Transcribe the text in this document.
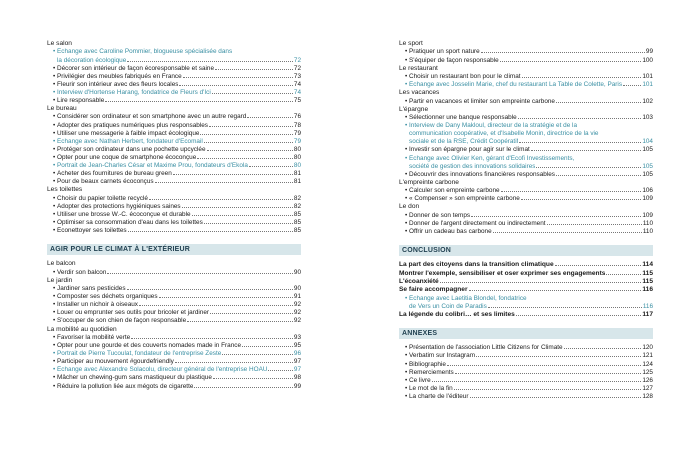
Le salon
• Échange avec Caroline Pommier, blogueuse spécialisée dans
la décoration écologique	72
• Décorer son intérieur de façon écoresponsable et saine	72
• Privilégier des meubles fabriqués en France	73
• Fleurir son intérieur avec des fleurs locales	74
• Interview d'Hortense Harang, fondatrice de Fleurs d'Ici	74
• Lire responsable	75
Le bureau
• Considérer son ordinateur et son smartphone avec un autre regard	76
• Adopter des pratiques numériques plus responsables	78
• Utiliser une messagerie à faible impact écologique	79
• Échange avec Nathan Herbert, fondateur d'Ecomail	79
• Protéger son ordinateur dans une pochette upcyclée	80
• Opter pour une coque de smartphone écoconçue	80
• Portrait de Jean-Charles César et Maxime Prou, fondateurs d'Ekola	80
• Acheter des fournitures de bureau green	81
• Pour de beaux carnets écoconçus	81
Les toilettes
• Choisir du papier toilette recyclé	82
• Adopter des protections hygiéniques saines	82
• Utiliser une brosse W.-C. écoconçue et durable	85
• Optimiser sa consommation d'eau dans les toilettes	85
• Éconettoyer ses toilettes	85
AGIR POUR LE CLIMAT À L'EXTÉRIEUR
Le balcon
• Verdir son balcon	90
Le jardin
• Jardiner sans pesticides	90
• Composter ses déchets organiques	91
• Installer un nichoir à oiseaux	92
• Louer ou emprunter ses outils pour bricoler et jardiner	92
• S'occuper de son chien de façon responsable	92
La mobilité au quotidien
• Favoriser la mobilité verte	93
• Opter pour une gourde et des couverts nomades made in France	95
• Portrait de Pierre Tucoulat, fondateur de l'entreprise Zeste	96
• Participer au mouvement #gourdefriendly	97
• Échange avec Alexandre Solacolu, directeur général de l'entreprise HOAU	97
• Mâcher un chewing-gum sans mastiqueur du plastique	98
• Réduire la pollution liée aux mégots de cigarette	99
Le sport
• Pratiquer un sport nature	99
• S'équiper de façon responsable	100
Le restaurant
• Choisir un restaurant bon pour le climat	101
• Échange avec Josselin Marie, chef du restaurant La Table de Colette, Paris	101
Les vacances
• Partir en vacances et limiter son empreinte carbone	102
L'épargne
• Sélectionner une banque responsable	103
• Interview de Dany Makloul, directeur de la stratégie et de la
communication coopérative, et d'Isabelle Monin, directrice de la vie
sociale et de la RSE, Crédit Coopératif	104
• Investir son épargne pour agir sur le climat	105
• Échange avec Olivier Ken, gérant d'Ecofi Investissements,
société de gestion des innovations solidaires	105
• Découvrir des innovations financières responsables	105
L'empreinte carbone
• Calculer son empreinte carbone	106
• « Compenser » son empreinte carbone	109
Le don
• Donner de son temps	109
• Donner de l'argent directement ou indirectement	110
• Offrir un cadeau bas carbone	110
CONCLUSION
La part des citoyens dans la transition climatique	114
Montrer l'exemple, sensibiliser et oser exprimer ses engagements	115
L'écoanxiété	115
Se faire accompagner	116
• Échange avec Laetitia Blondel, fondatrice
de Vers un Coin de Paradis	116
La légende du colibri… et ses limites	117
ANNEXES
• Présentation de l'association Little Citizens for Climate	120
• Verbatim sur Instagram	121
• Bibliographie	124
• Remerciements	125
• Ce livre	126
• Le mot de la fin	127
• La charte de l'éditeur	128
